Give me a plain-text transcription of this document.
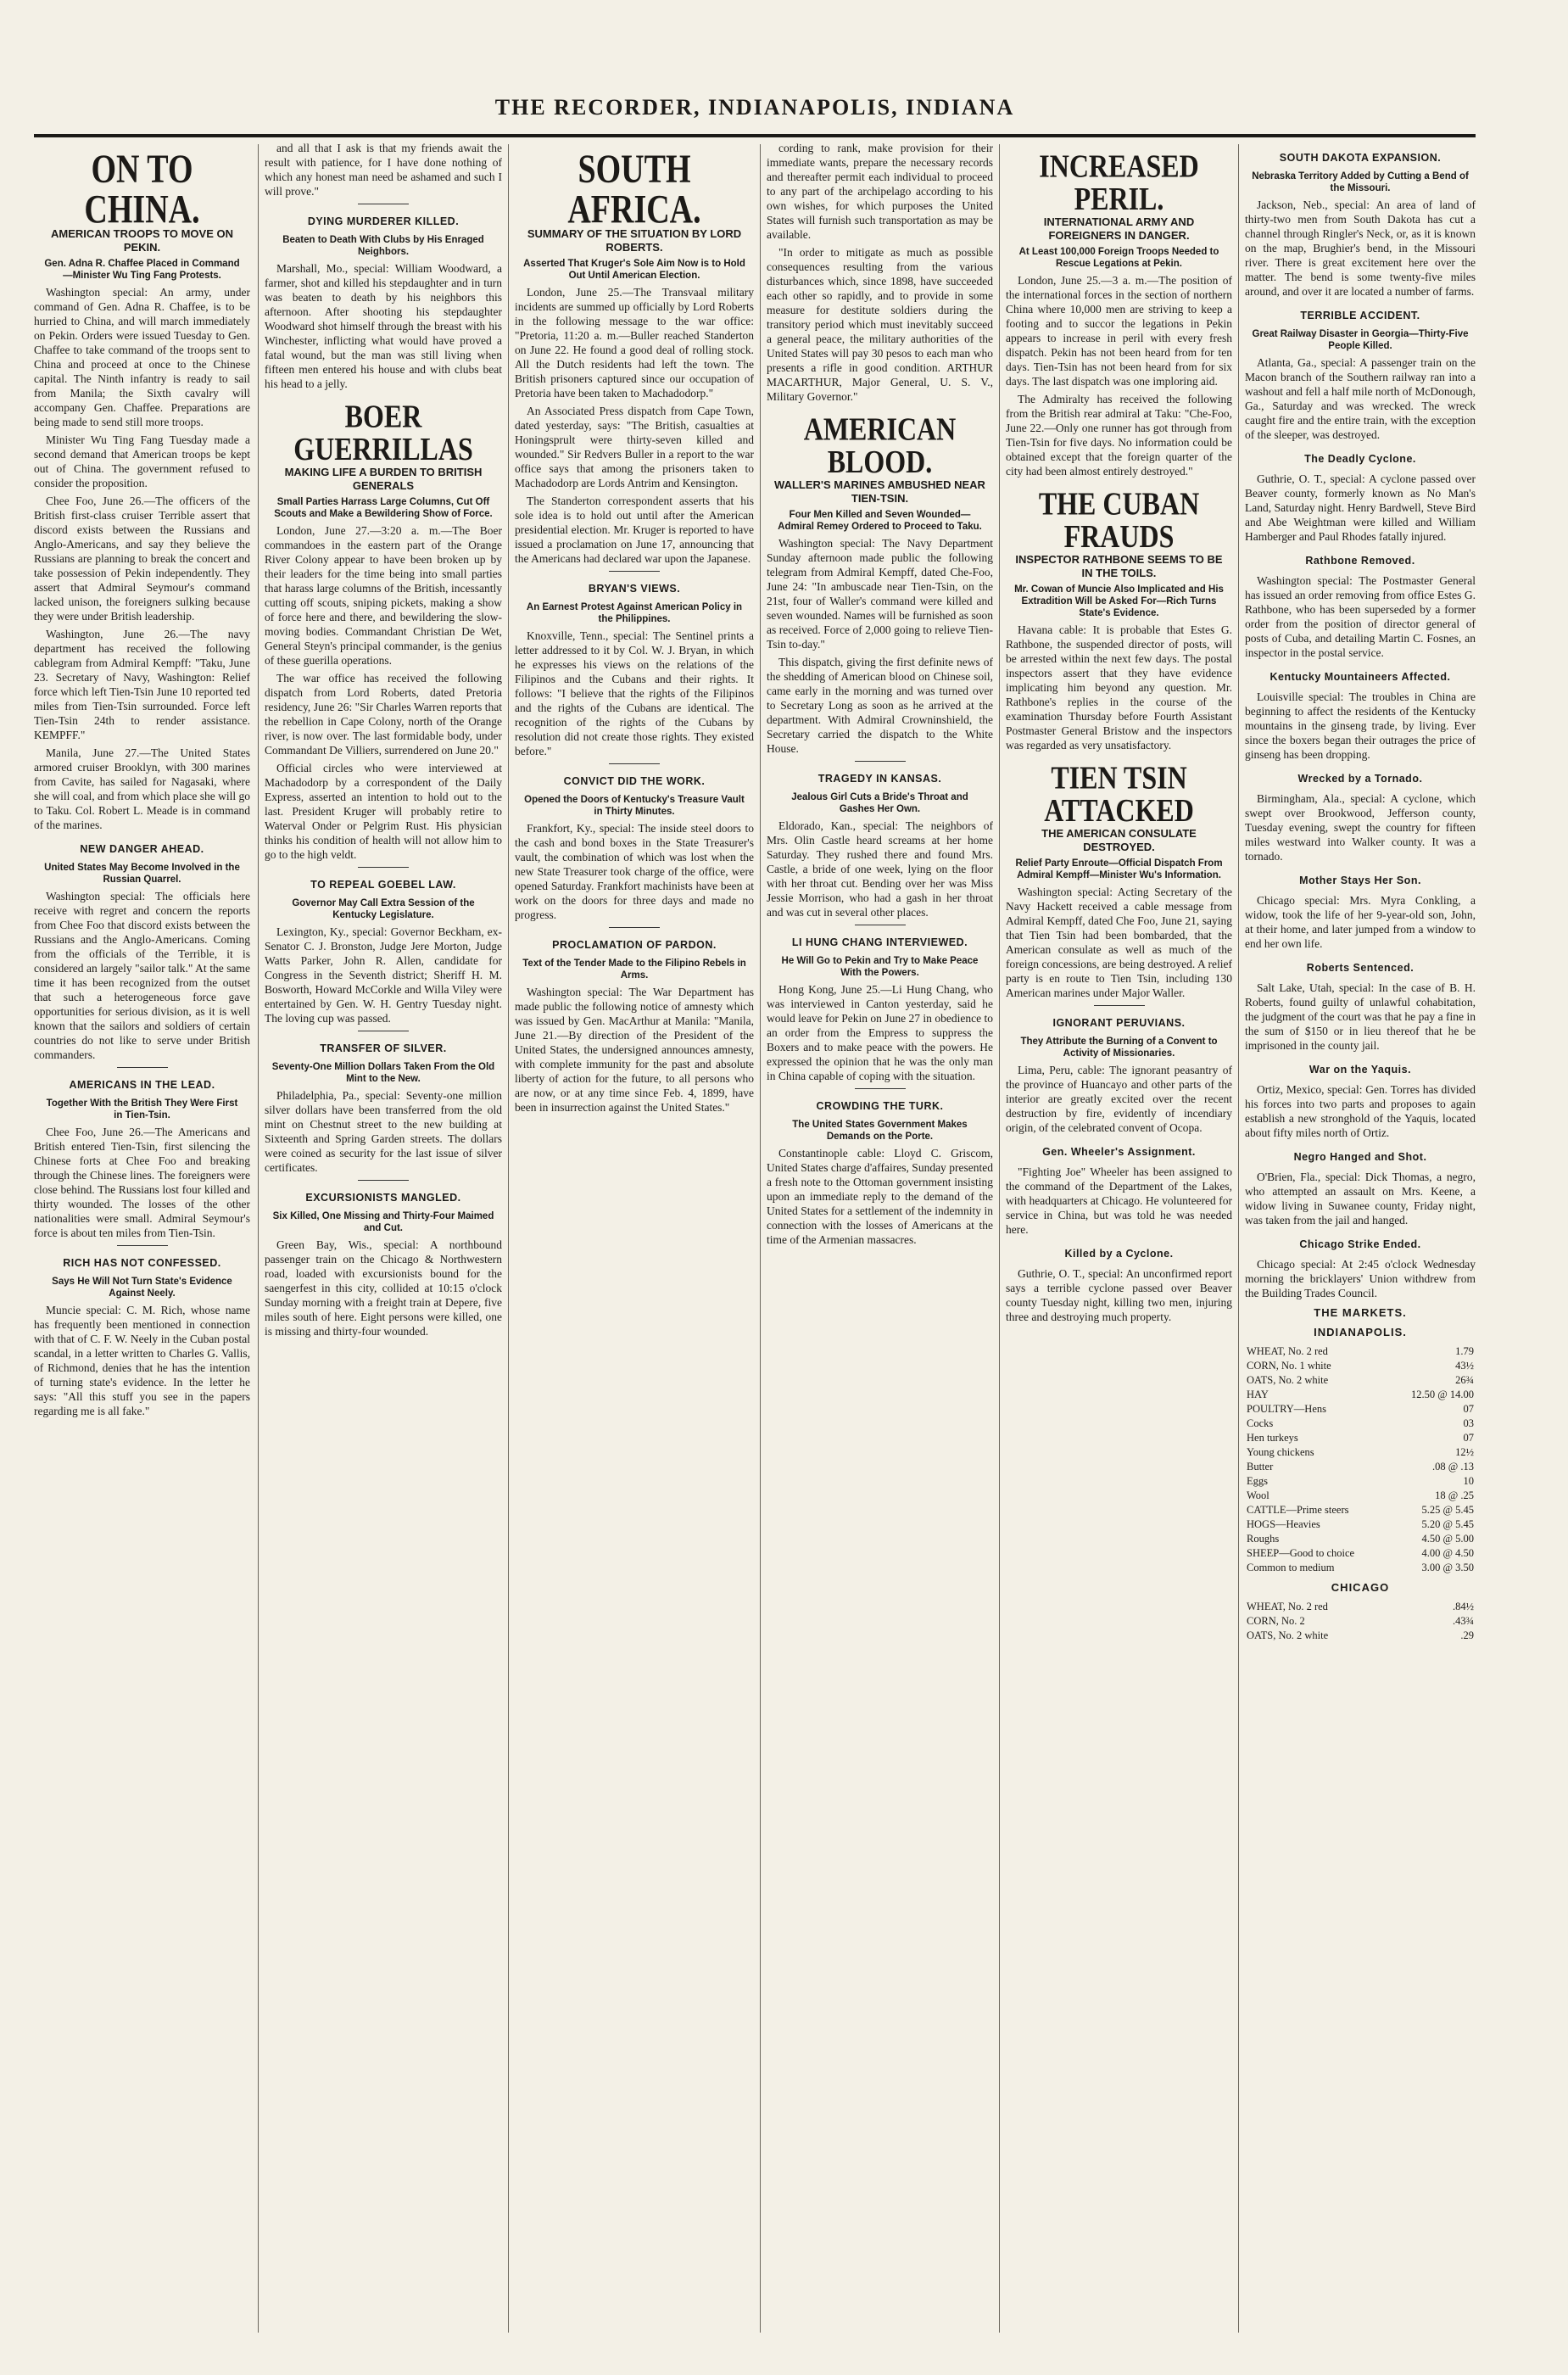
THE RECORDER, INDIANAPOLIS, INDIANA
ON TO CHINA.
AMERICAN TROOPS TO MOVE ON PEKIN.
Gen. Adna R. Chaffee Placed in Command—Minister Wu Ting Fang Protests.

Washington special: An army, under command of Gen. Adna R. Chaffee, is to be hurried to China, and will march immediately on Pekin. Orders were issued Tuesday to Gen. Chaffee to take command of the troops sent to China and proceed at once to the Chinese capital. The Ninth infantry is ready to sail from Manila; the Sixth cavalry will accompany Gen. Chaffee. Preparations are being made to send still more troops.

Minister Wu Ting Fang Tuesday made a second demand that American troops be kept out of China. The government refused to consider the proposition.

Chee Foo, June 26.—The officers of the British first-class cruiser Terrible assert that discord exists between the Russians and Anglo-Americans, and say they believe the Russians are planning to break the concert and take possession of Pekin independently. They assert that Admiral Seymour's command lacked unison, the foreigners sulking because they were under British leadership.

Washington, June 26.—The navy department has received the following cablegram from Admiral Kempff: "Taku, June 23. Secretary of Navy, Washington: Relief force which left Tien-Tsin June 10 reported ted miles from Tien-Tsin surrounded. Force left Tien-Tsin 24th to render assistance. KEMPFF."

Manila, June 27.—The United States armored cruiser Brooklyn, with 300 marines from Cavite, has sailed for Nagasaki, where she will coal, and from which place she will go to Taku. Col. Robert L. Meade is in command of the marines.

NEW DANGER AHEAD.
United States May Become Involved in the Russian Quarrel.

Washington special: The officials here receive with regret and concern the reports from Chee Foo that discord exists between the Russians and the Anglo-Americans. Coming from the officials of the Terrible, it is considered an largely "sailor talk." At the same time it has been recognized from the outset that such a heterogeneous force gave opportunities for serious division, as it is well known that the sailors and soldiers of certain countries do not like to serve under British commanders.

AMERICANS IN THE LEAD.
Together With the British They Were First in Tien-Tsin.

Chee Foo, June 26.—The Americans and British entered Tien-Tsin, first silencing the Chinese forts at Chee Foo and breaking through the Chinese lines. The foreigners were close behind. The Russians lost four killed and thirty wounded. The losses of the other nationalities were small. Admiral Seymour's force is about ten miles from Tien-Tsin.

RICH HAS NOT CONFESSED.
Says He Will Not Turn State's Evidence Against Neely.

Muncie special: C. M. Rich, whose name has frequently been mentioned in connection with that of C. F. W. Neely in the Cuban postal scandal, in a letter written to Charles G. Vallis, of Richmond, denies that he has the intention of turning state's evidence. In the letter he says: "All this stuff you see in the papers regarding me is all fake."

and all that I ask is that my friends await the result with patience, for I have done nothing of which any honest man need be ashamed and such I will prove."

DYING MURDERER KILLED.
Beaten to Death With Clubs by His Enraged Neighbors.

Marshall, Mo., special: William Woodward, a farmer, shot and killed his stepdaughter and in turn was beaten to death by his neighbors this afternoon. After shooting his stepdaughter Woodward shot himself through the breast with his Winchester, inflicting what would have proved a fatal wound, but the man was still living when fifteen men entered his house and with clubs beat his head to a jelly.

BOER GUERRILLAS
MAKING LIFE A BURDEN TO BRITISH GENERALS
Small Parties Harrass Large Columns, Cut Off Scouts and Make a Bewildering Show of Force.

London, June 27.—3:20 a. m.—The Boer commandoes in the eastern part of the Orange River Colony appear to have been broken up by their leaders for the time being into small parties that harass large columns of the British, incessantly cutting off scouts, sniping pickets, making a show of force here and there, and bewildering the slow-moving bodies. Commandant Christian De Wet, General Steyn's principal commander, is the genius of these guerilla operations.

The war office has received the following dispatch from Lord Roberts, dated Pretoria residency, June 26: "Sir Charles Warren reports that the rebellion in Cape Colony, north of the Orange river, is now over. The last formidable body, under Commandant De Villiers, surrendered on June 20."

Official circles who were interviewed at Machadodorp by a correspondent of the Daily Express, asserted an intention to hold out to the last. President Kruger will probably retire to Waterval Onder or Pelgrim Rust. His physician thinks his condition of health will not allow him to go to the high veldt.

TO REPEAL GOEBEL LAW.
Governor May Call Extra Session of the Kentucky Legislature.

Lexington, Ky., special: Governor Beckham, ex-Senator C. J. Bronston, Judge Jere Morton, Judge Watts Parker, John R. Allen, candidate for Congress in the Seventh district; Sheriff H. M. Bosworth, Howard McCorkle and Willa Viley were entertained by Gen. W. H. Gentry Tuesday night. The loving cup was passed.

TRANSFER OF SILVER.
Seventy-One Million Dollars Taken From the Old Mint to the New.

Philadelphia, Pa., special: Seventy-one million silver dollars have been transferred from the old mint on Chestnut street to the new building at Sixteenth and Spring Garden streets. The dollars were coined as security for the last issue of silver certificates.

EXCURSIONISTS MANGLED.
Six Killed, One Missing and Thirty-Four Maimed and Cut.

Green Bay, Wis., special: A northbound passenger train on the Chicago & Northwestern road, loaded with excursionists bound for the saengerfest in this city, collided at 10:15 o'clock Sunday morning with a freight train at Depere, five miles south of here. Eight persons were killed, one is missing and thirty-four wounded.

SOUTH AFRICA.
SUMMARY OF THE SITUATION BY LORD ROBERTS.
Asserted That Kruger's Sole Aim Now is to Hold Out Until American Election.

London, June 25.—The Transvaal military incidents are summed up officially by Lord Roberts in the following message to the war office: "Pretoria, 11:20 a. m.—Buller reached Standerton on June 22. He found a good deal of rolling stock. All the Dutch residents had left the town. The British prisoners captured since our occupation of Pretoria have been taken to Machadodorp."

An Associated Press dispatch from Cape Town, dated yesterday, says: "The British, casualties at Honingsprult were thirty-seven killed and wounded." Sir Redvers Buller in a report to the war office says that among the prisoners taken to Machadodorp are Lords Antrim and Kensington.

The Standerton correspondent asserts that his sole idea is to hold out until after the American presidential election. Mr. Kruger is reported to have issued a proclamation on June 17, announcing that the Americans had declared war upon the Japanese.

BRYAN'S VIEWS.
An Earnest Protest Against American Policy in the Philippines.

Knoxville, Tenn., special: The Sentinel prints a letter addressed to it by Col. W. J. Bryan, in which he expresses his views on the relations of the Filipinos and the Cubans and their rights. It follows: "I believe that the rights of the Filipinos and the rights of the Cubans are identical. The recognition of the rights of the Cubans by resolution did not create those rights. They existed before."

CONVICT DID THE WORK.
Opened the Doors of Kentucky's Treasure Vault in Thirty Minutes.

Frankfort, Ky., special: The inside steel doors to the cash and bond boxes in the State Treasurer's vault, the combination of which was lost when the new State Treasurer took charge of the office, were opened Saturday. Frankfort machinists have been at work on the doors for three days and made no progress.

PROCLAMATION OF PARDON.
Text of the Tender Made to the Filipino Rebels in Arms.

Washington special: The War Department has made public the following notice of amnesty which was issued by Gen. MacArthur at Manila: "Manila, June 21.—By direction of the President of the United States, the undersigned announces amnesty, with complete immunity for the past and absolute liberty of action for the future, to all persons who are now, or at any time since Feb. 4, 1899, have been in insurrection against the United States."

cording to rank, make provision for their immediate wants, prepare the necessary records and thereafter permit each individual to proceed to any part of the archipelago according to his own wishes, for which purposes the United States will furnish such transportation as may be available.

"In order to mitigate as much as possible consequences resulting from the various disturbances which, since 1898, have succeeded each other so rapidly, and to provide in some measure for destitute soldiers during the transitory period which must inevitably succeed a general peace, the military authorities of the United States will pay 30 pesos to each man who presents a rifle in good condition. ARTHUR MACARTHUR, Major General, U. S. V., Military Governor."

AMERICAN BLOOD.
WALLER'S MARINES AMBUSHED NEAR TIEN-TSIN.
Four Men Killed and Seven Wounded—Admiral Remey Ordered to Proceed to Taku.

Washington special: The Navy Department Sunday afternoon made public the following telegram from Admiral Kempff, dated Che-Foo, June 24: "In ambuscade near Tien-Tsin, on the 21st, four of Waller's command were killed and seven wounded. Names will be furnished as soon as received. Force of 2,000 going to relieve Tien-Tsin to-day."

This dispatch, giving the first definite news of the shedding of American blood on Chinese soil, came early in the morning and was turned over to Secretary Long as soon as he arrived at the department. With Admiral Crowninshield, the Secretary carried the dispatch to the White House.

TRAGEDY IN KANSAS.
Jealous Girl Cuts a Bride's Throat and Gashes Her Own.

Eldorado, Kan., special: The neighbors of Mrs. Olin Castle heard screams at her home Saturday. They rushed there and found Mrs. Castle, a bride of one week, lying on the floor with her throat cut. Bending over her was Miss Jessie Morrison, who had a gash in her throat and was cut in several other places.

LI HUNG CHANG INTERVIEWED.
He Will Go to Pekin and Try to Make Peace With the Powers.

Hong Kong, June 25.—Li Hung Chang, who was interviewed in Canton yesterday, said he would leave for Pekin on June 27 in obedience to an order from the Empress to suppress the Boxers and to make peace with the powers. He expressed the opinion that he was the only man in China capable of coping with the situation.

CROWDING THE TURK.
The United States Government Makes Demands on the Porte.

Constantinople cable: Lloyd C. Griscom, United States charge d'affaires, Sunday presented a fresh note to the Ottoman government insisting upon an immediate reply to the demand of the United States for a settlement of the indemnity in connection with the losses of Americans at the time of the Armenian massacres.

INCREASED PERIL.
INTERNATIONAL ARMY AND FOREIGNERS IN DANGER.
At Least 100,000 Foreign Troops Needed to Rescue Legations at Pekin.

London, June 25.—3 a. m.—The position of the international forces in the section of northern China where 10,000 men are striving to keep a footing and to succor the legations in Pekin appears to increase in peril with every fresh dispatch. Pekin has not been heard from for ten days. Tien-Tsin has not been heard from for six days. The last dispatch was one imploring aid.

The Admiralty has received the following from the British rear admiral at Taku: "Che-Foo, June 22.—Only one runner has got through from Tien-Tsin for five days. No information could be obtained except that the foreign quarter of the city had been almost entirely destroyed."

THE CUBAN FRAUDS
INSPECTOR RATHBONE SEEMS TO BE IN THE TOILS.
Mr. Cowan of Muncie Also Implicated and His Extradition Will be Asked For—Rich Turns State's Evidence.

Havana cable: It is probable that Estes G. Rathbone, the suspended director of posts, will be arrested within the next few days. The postal inspectors assert that they have evidence implicating him beyond any question. Mr. Rathbone's replies in the course of the examination Thursday before Fourth Assistant Postmaster General Bristow and the inspectors was regarded as very unsatisfactory.

TIEN TSIN ATTACKED
THE AMERICAN CONSULATE DESTROYED.
Relief Party Enroute—Official Dispatch From Admiral Kempff—Minister Wu's Information.

Washington special: Acting Secretary of the Navy Hackett received a cable message from Admiral Kempff, dated Che Foo, June 21, saying that Tien Tsin had been bombarded, that the American consulate as well as much of the foreign concessions, are being destroyed. A relief party is en route to Tien Tsin, including 130 American marines under Major Waller.

IGNORANT PERUVIANS.
They Attribute the Burning of a Convent to Activity of Missionaries.

Lima, Peru, cable: The ignorant peasantry of the province of Huancayo and other parts of the interior are greatly excited over the recent destruction by fire, evidently of incendiary origin, of the celebrated convent of Ocopa.

Gen. Wheeler's Assignment.

"Fighting Joe" Wheeler has been assigned to the command of the Department of the Lakes, with headquarters at Chicago. He volunteered for service in China, but was told he was needed here.

Killed by a Cyclone.

Guthrie, O. T., special: An unconfirmed report says a terrible cyclone passed over Beaver county Tuesday night, killing two men, injuring three and destroying much property.

SOUTH DAKOTA EXPANSION.
Nebraska Territory Added by Cutting a Bend of the Missouri.

Jackson, Neb., special: An area of land of thirty-two men from South Dakota has cut a channel through Ringler's Neck, or, as it is known on the map, Brughier's bend, in the Missouri river. There is great excitement here over the matter. The bend is some twenty-five miles around, and over it are located a number of farms.

TERRIBLE ACCIDENT.
Great Railway Disaster in Georgia—Thirty-Five People Killed.

Atlanta, Ga., special: A passenger train on the Macon branch of the Southern railway ran into a washout and fell a half mile north of McDonough, Ga., Saturday and was wrecked. The wreck caught fire and the entire train, with the exception of the sleeper, was destroyed.

The Deadly Cyclone.

Guthrie, O. T., special: A cyclone passed over Beaver county, formerly known as No Man's Land, Saturday night. Henry Bardwell, Steve Bird and Abe Weightman were killed and William Hamberger and Paul Rhodes fatally injured.

Rathbone Removed.

Washington special: The Postmaster General has issued an order removing from office Estes G. Rathbone, who has been superseded by a former order from the position of director general of posts of Cuba, and detailing Martin C. Fosnes, an inspector in the postal service.

Kentucky Mountaineers Affected.

Louisville special: The troubles in China are beginning to affect the residents of the Kentucky mountains in the ginseng trade, by living. Ever since the boxers began their outrages the price of ginseng has been dropping.

Wrecked by a Tornado.

Birmingham, Ala., special: A cyclone, which swept over Brookwood, Jefferson county, Tuesday evening, swept the country for fifteen miles westward into Walker county. It was a tornado.

Mother Stays Her Son.

Chicago special: Mrs. Myra Conkling, a widow, took the life of her 9-year-old son, John, at their home, and later jumped from a window to end her own life.

Roberts Sentenced.

Salt Lake, Utah, special: In the case of B. H. Roberts, found guilty of unlawful cohabitation, the judgment of the court was that he pay a fine in the sum of $150 or in lieu thereof that he be imprisoned in the county jail.

War on the Yaquis.

Ortiz, Mexico, special: Gen. Torres has divided his forces into two parts and proposes to again establish a new stronghold of the Yaquis, located about fifty miles north of Ortiz.

Negro Hanged and Shot.

O'Brien, Fla., special: Dick Thomas, a negro, who attempted an assault on Mrs. Keene, a widow living in Suwanee county, Friday night, was taken from the jail and hanged.

Chicago Strike Ended.

Chicago special: At 2:45 o'clock Wednesday morning the bricklayers' Union withdrew from the Building Trades Council.

THE MARKETS.
INDIANAPOLIS.
WHEAT, No. 2 red	1.79
CORN, No. 1 white	43½
OATS, No. 2 white	26¾
HAY	12.50 @ 14.00
POULTRY—Hens	07
Cocks	03
Hen turkeys	07
Young chickens	12½
Butter	.08 @ .13
Eggs	10
Wool	18 @ .25
CATTLE—Prime steers	5.25 @ 5.45
HOGS—Heavies	5.20 @ 5.45
Roughs	4.50 @ 5.00
SHEEP—Good to choice	4.00 @ 4.50
Common to medium	3.00 @ 3.50
CHICAGO
WHEAT, No. 2 red	.84½
CORN, No. 2	.43¾
OATS, No. 2 white	.29
